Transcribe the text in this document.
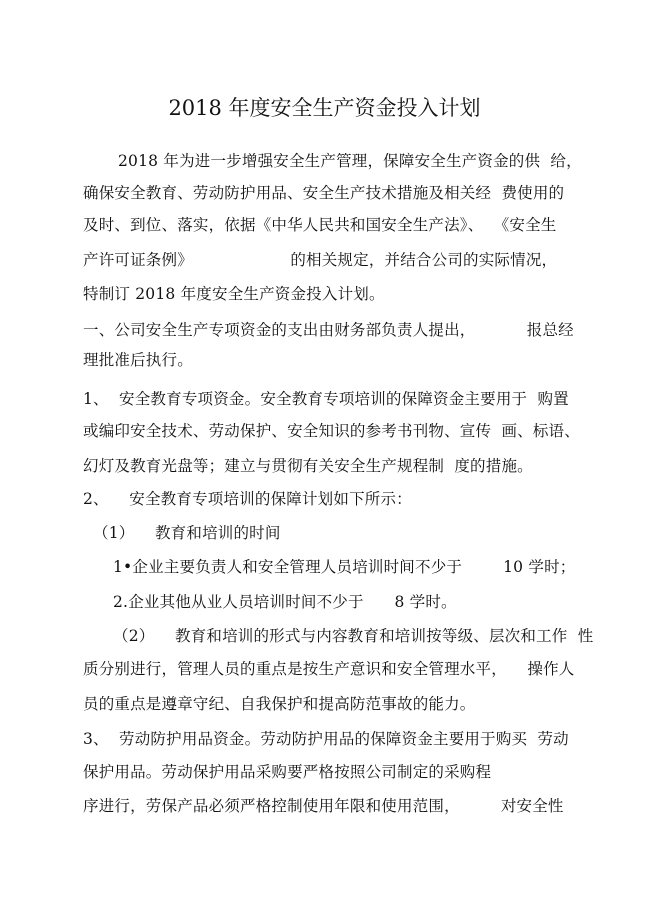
2018 年度安全生产资金投入计划
2018 年为进一步增强安全生产管理，保障安全生产资金的供  给，
确保安全教育、劳动防护用品、安全生产技术措施及相关经  费使用的
及时、到位、落实，依据《中华人民共和国安全生产法》、  《安全生
产许可证条例》                   的相关规定，并结合公司的实际情况，
特制订 2018 年度安全生产资金投入计划。
一、公司安全生产专项资金的支出由财务部负责人提出，          报总经
理批准后执行。
1、  安全教育专项资金。安全教育专项培训的保障资金主要用于  购置
或编印安全技术、劳动保护、安全知识的参考书刊物、宣传  画、标语、
幻灯及教育光盘等；建立与贯彻有关安全生产规程制  度的措施。
2、    安全教育专项培训的保障计划如下所示：
（1）    教育和培训的时间
1•企业主要负责人和安全管理人员培训时间不少于        10 学时；
2.企业其他从业人员培训时间不少于      8 学时。
（2）    教育和培训的形式与内容教育和培训按等级、层次和工作  性
质分别进行，管理人员的重点是按生产意识和安全管理水平，    操作人
员的重点是遵章守纪、自我保护和提高防范事故的能力。
3、  劳动防护用品资金。劳动防护用品的保障资金主要用于购买  劳动
保护用品。劳动保护用品采购要严格按照公司制定的采购程
序进行，劳保产品必须严格控制使用年限和使用范围，        对安全性
